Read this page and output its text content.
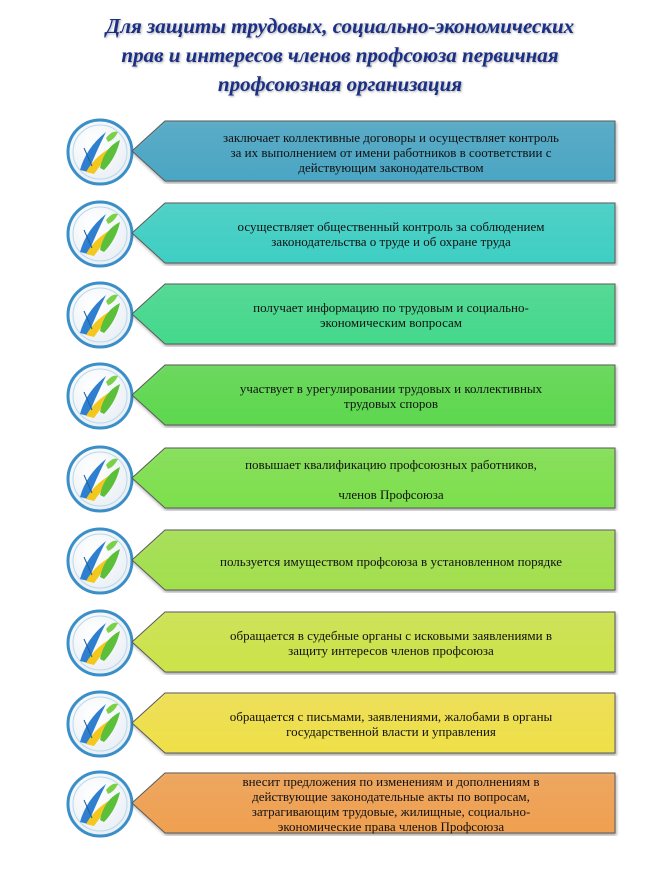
Для защиты трудовых, социально-экономических
прав и интересов членов профсоюза первичная
профсоюзная организация
заключает коллективные договоры и осуществляет контроль
за их выполнением от имени работников в соответствии с
действующим законодательством
осуществляет общественный контроль за соблюдением
законодательства о труде и об охране труда
получает информацию по трудовым и социально-
экономическим вопросам
участвует в урегулировании трудовых и коллективных
трудовых споров
повышает квалификацию профсоюзных работников,

членов Профсоюза
пользуется имуществом профсоюза в установленном порядке
обращается в судебные органы с исковыми заявлениями в
защиту интересов членов профсоюза
обращается с письмами, заявлениями, жалобами в органы
государственной власти и управления
внесит предложения по изменениям и дополнениям в
действующие законодательные акты по вопросам,
затрагивающим трудовые, жилищные, социально-
экономические права членов Профсоюза
